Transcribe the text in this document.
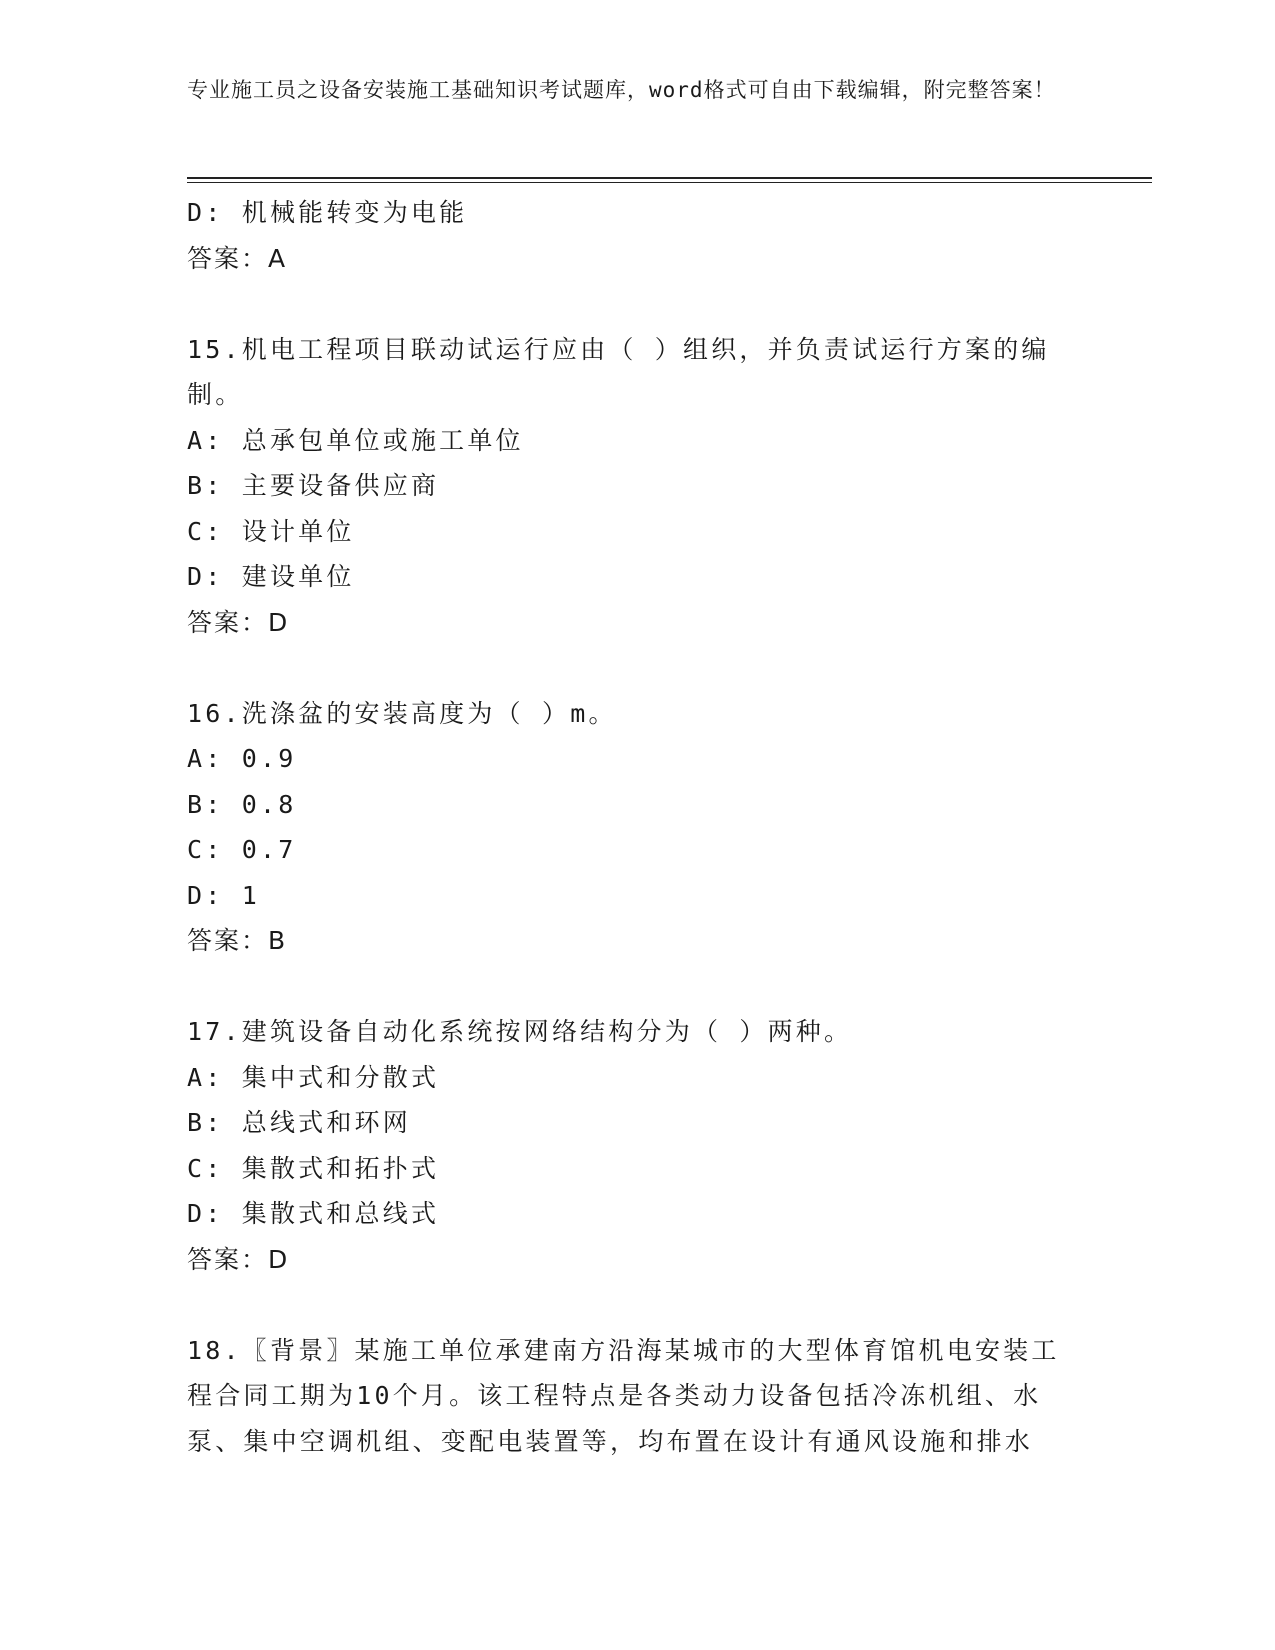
专业施工员之设备安装施工基础知识考试题库，word格式可自由下载编辑，附完整答案！
D: 机械能转变为电能
答案：A
15.机电工程项目联动试运行应由（ ）组织，并负责试运行方案的编制。
A: 总承包单位或施工单位
B: 主要设备供应商
C: 设计单位
D: 建设单位
答案：D
16.洗涤盆的安装高度为（ ）m。
A: 0.9
B: 0.8
C: 0.7
D: 1
答案：B
17.建筑设备自动化系统按网络结构分为（ ）两种。
A: 集中式和分散式
B: 总线式和环网
C: 集散式和拓扑式
D: 集散式和总线式
答案：D
18.〖背景〗某施工单位承建南方沿海某城市的大型体育馆机电安装工程合同工期为10个月。该工程特点是各类动力设备包括冷冻机组、水泵、集中空调机组、变配电装置等，均布置在设计有通风设施和排水
